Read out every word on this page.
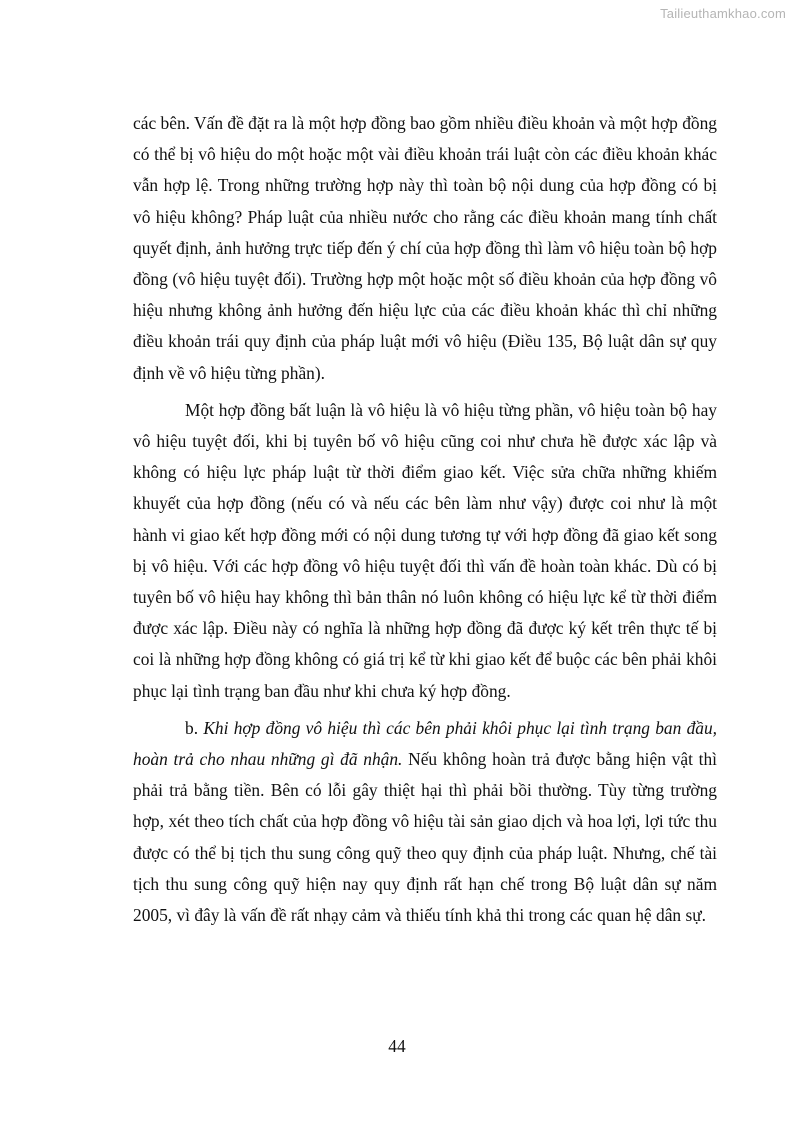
Tailieuthamkhao.com

các bên. Vấn đề đặt ra là một hợp đồng bao gồm nhiều điều khoản và một hợp đồng có thể bị vô hiệu do một hoặc một vài điều khoản trái luật còn các điều khoản khác vẫn hợp lệ. Trong những trường hợp này thì toàn bộ nội dung của hợp đồng có bị vô hiệu không? Pháp luật của nhiều nước cho rằng các điều khoản mang tính chất quyết định, ảnh hưởng trực tiếp đến ý chí của hợp đồng thì làm vô hiệu toàn bộ hợp đồng (vô hiệu tuyệt đối). Trường hợp một hoặc một số điều khoản của hợp đồng vô hiệu nhưng không ảnh hưởng đến hiệu lực của các điều khoản khác thì chỉ những điều khoản trái quy định của pháp luật mới vô hiệu (Điều 135, Bộ luật dân sự quy định về vô hiệu từng phần).

Một hợp đồng bất luận là vô hiệu là vô hiệu từng phần, vô hiệu toàn bộ hay vô hiệu tuyệt đối, khi bị tuyên bố vô hiệu cũng coi như chưa hề được xác lập và không có hiệu lực pháp luật từ thời điểm giao kết. Việc sửa chữa những khiếm khuyết của hợp đồng (nếu có và nếu các bên làm như vậy) được coi như là một hành vi giao kết hợp đồng mới có nội dung tương tự với hợp đồng đã giao kết song bị vô hiệu. Với các hợp đồng vô hiệu tuyệt đối thì vấn đề hoàn toàn khác. Dù có bị tuyên bố vô hiệu hay không thì bản thân nó luôn không có hiệu lực kể từ thời điểm được xác lập. Điều này có nghĩa là những hợp đồng đã được ký kết trên thực tế bị coi là những hợp đồng không có giá trị kể từ khi giao kết để buộc các bên phải khôi phục lại tình trạng ban đầu như khi chưa ký hợp đồng.

b. Khi hợp đồng vô hiệu thì các bên phải khôi phục lại tình trạng ban đầu, hoàn trả cho nhau những gì đã nhận. Nếu không hoàn trả được bằng hiện vật thì phải trả bằng tiền. Bên có lỗi gây thiệt hại thì phải bồi thường. Tùy từng trường hợp, xét theo tích chất của hợp đồng vô hiệu tài sản giao dịch và hoa lợi, lợi tức thu được có thể bị tịch thu sung công quỹ theo quy định của pháp luật. Nhưng, chế tài tịch thu sung công quỹ hiện nay quy định rất hạn chế trong Bộ luật dân sự năm 2005, vì đây là vấn đề rất nhạy cảm và thiếu tính khả thi trong các quan hệ dân sự.

44
